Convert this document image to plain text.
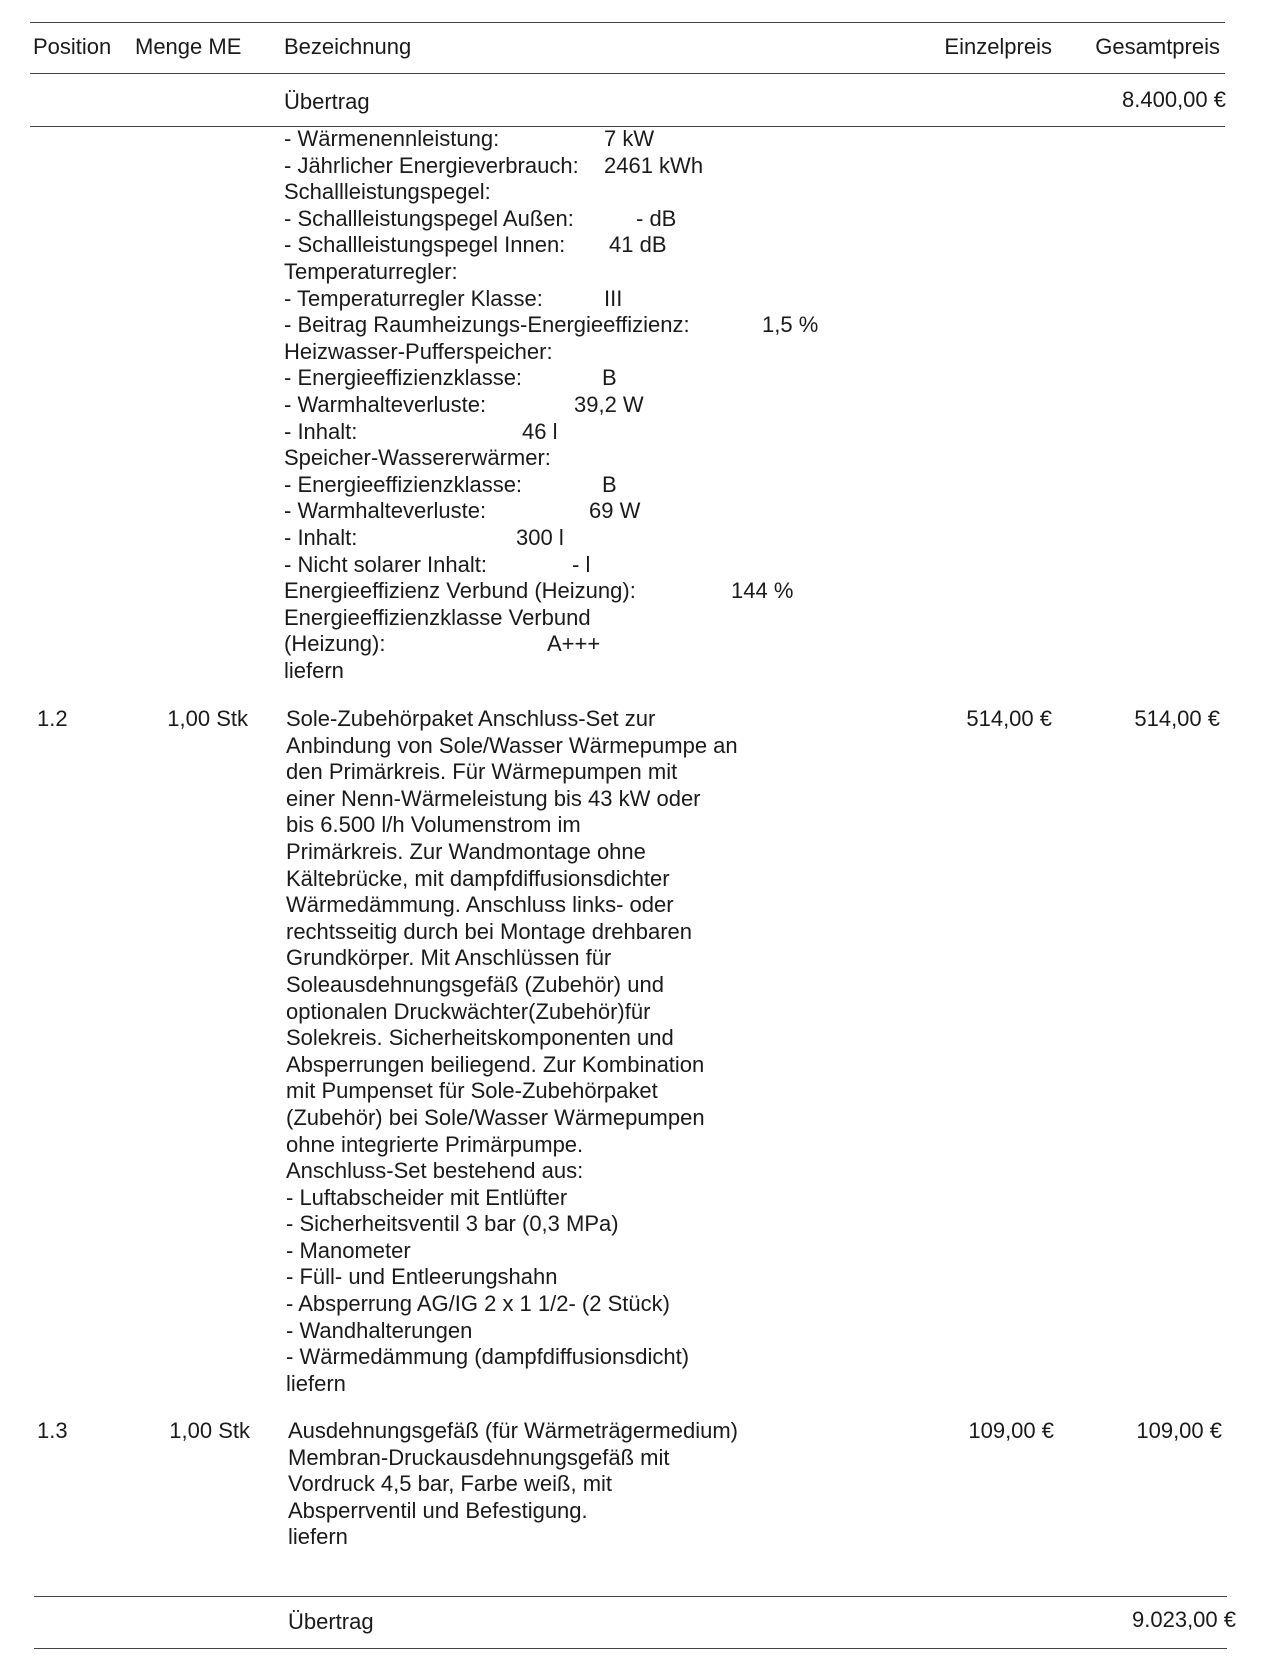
Position Menge ME Bezeichnung	Einzelpreis	Gesamtpreis
Übertrag	8.400,00 €
- Wärmenennleistung:	7 kW
- Jährlicher Energieverbrauch: 2461 kWh
Schallleistungspegel:
- Schallleistungspegel Außen:	- dB
- Schallleistungspegel Innen: 41 dB
Temperaturregler:
- Temperaturregler Klasse:	III
- Beitrag Raumheizungs-Energieeffizienz:	1,5 %
Heizwasser-Pufferspeicher:
- Energieeffizienzklasse:	B
- Warmhalteverluste:	39,2 W
- Inhalt:	46 l
Speicher-Wassererwärmer:
- Energieeffizienzklasse:	B
- Warmhalteverluste:	69 W
- Inhalt:	300 l
- Nicht solarer Inhalt:	- l
Energieeffizienz Verbund (Heizung):	144 %
Energieeffizienzklasse Verbund
(Heizung):	A+++
liefern
1.2	1,00 Stk Sole-Zubehörpaket Anschluss-Set zur
Anbindung von Sole/Wasser Wärmepumpe an
den Primärkreis. Für Wärmepumpen mit
einer Nenn-Wärmeleistung bis 43 kW oder
bis 6.500 l/h Volumenstrom im
Primärkreis. Zur Wandmontage ohne
Kältebrücke, mit dampfdiffusionsdichter
Wärmedämmung. Anschluss links- oder
rechtsseitig durch bei Montage drehbaren
Grundkörper. Mit Anschlüssen für
Soleausdehnungsgefäß (Zubehör) und
optionalen Druckwächter(Zubehör)für
Solekreis. Sicherheitskomponenten und
Absperrungen beiliegend. Zur Kombination
mit Pumpenset für Sole-Zubehörpaket
(Zubehör) bei Sole/Wasser Wärmepumpen
ohne integrierte Primärpumpe.
Anschluss-Set bestehend aus:
- Luftabscheider mit Entlüfter
- Sicherheitsventil 3 bar (0,3 MPa)
- Manometer
- Füll- und Entleerungshahn
- Absperrung AG/IG 2 x 1 1/2- (2 Stück)
- Wandhalterungen
- Wärmedämmung (dampfdiffusionsdicht)
liefern
514,00 €	514,00 €
1.3	1,00 Stk Ausdehnungsgefäß (für Wärmeträgermedium)
Membran-Druckausdehnungsgefäß mit
Vordruck 4,5 bar, Farbe weiß, mit
Absperrventil und Befestigung.
liefern
109,00 €	109,00 €
Übertrag	9.023,00 €
